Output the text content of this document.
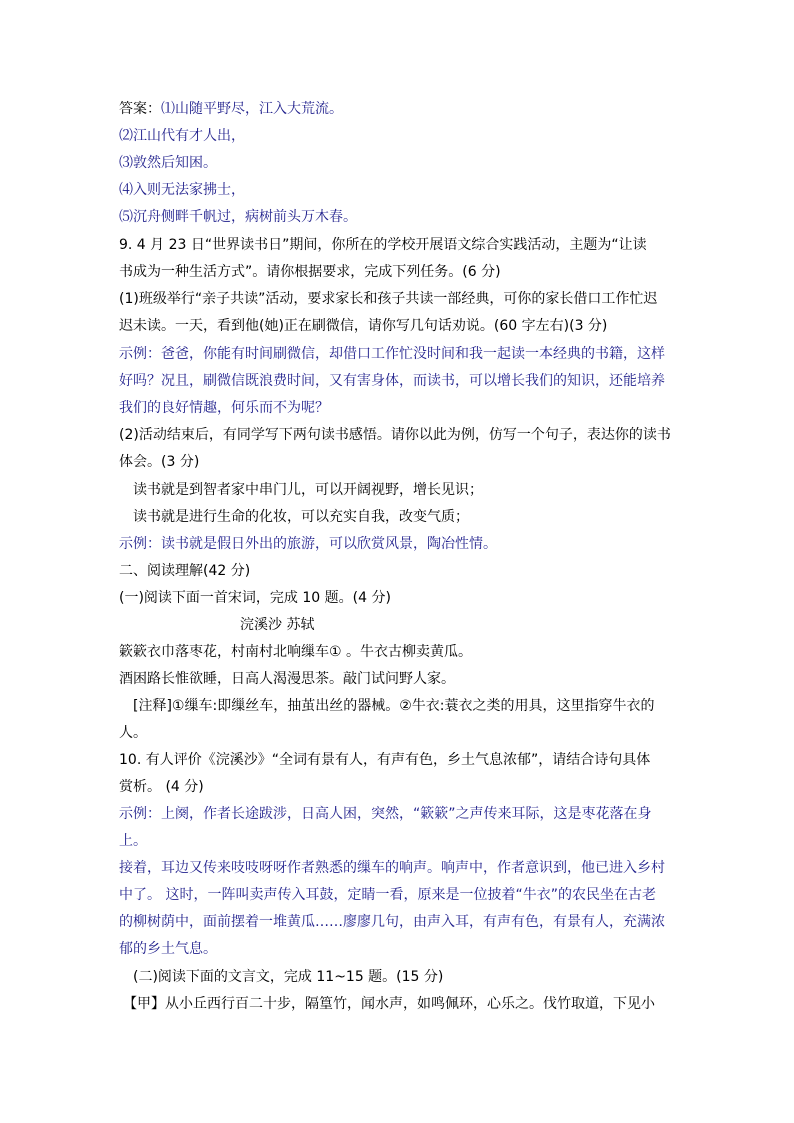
答案：⑴山随平野尽，江入大荒流。
⑵江山代有才人出，
⑶敦然后知困。
⑷入则无法家拂士，
⑸沉舟侧畔千帆过，病树前头万木春。
9. 4 月 23 日“世界读书日”期间，你所在的学校开展语文综合实践活动，主题为“让读
书成为一种生活方式”。请你根据要求，完成下列任务。(6 分)
(1)班级举行“亲子共读”活动，要求家长和孩子共读一部经典，可你的家长借口工作忙迟
迟未读。一天，看到他(她)正在刷微信，请你写几句话劝说。(60 字左右)(3 分)
示例：爸爸，你能有时间刷微信，却借口工作忙没时间和我一起读一本经典的书籍，这样
好吗？况且，刷微信既浪费时间，又有害身体，而读书，可以增长我们的知识，还能培养
我们的良好情趣，何乐而不为呢？
(2)活动结束后，有同学写下两句读书感悟。请你以此为例，仿写一个句子，表达你的读书
体会。(3 分)
读书就是到智者家中串门儿，可以开阔视野，增长见识；
读书就是进行生命的化妆，可以充实自我，改变气质；
示例：读书就是假日外出的旅游，可以欣赏风景，陶冶性情。
二、阅读理解(42 分)
(一)阅读下面一首宋词，完成 10 题。(4 分)
浣溪沙 苏轼
簌簌衣巾落枣花，村南村北响缫车① 。牛衣古柳卖黄瓜。
酒困路长惟欲睡，日高人渴漫思茶。敲门试问野人家。
[注释]①缫车:即缫丝车，抽茧出丝的器械。②牛衣:蓑衣之类的用具，这里指穿牛衣的
人。
10. 有人评价《浣溪沙》“全词有景有人，有声有色，乡土气息浓郁”，请结合诗句具体
赏析。 (4 分)
示例：上阕，作者长途跋涉，日高人困，突然，“簌簌”之声传来耳际，这是枣花落在身
上。
接着，耳边又传来吱吱呀呀作者熟悉的缫车的响声。响声中，作者意识到，他已进入乡村
中了。 这时，一阵叫卖声传入耳鼓，定睛一看，原来是一位披着“牛衣”的农民坐在古老
的柳树荫中，面前摆着一堆黄瓜……廖廖几句，由声入耳，有声有色，有景有人，充满浓
郁的乡土气息。
(二)阅读下面的文言文，完成 11~15 题。(15 分)
【甲】从小丘西行百二十步，隔篁竹，闻水声，如鸣佩环，心乐之。伐竹取道，下见小
